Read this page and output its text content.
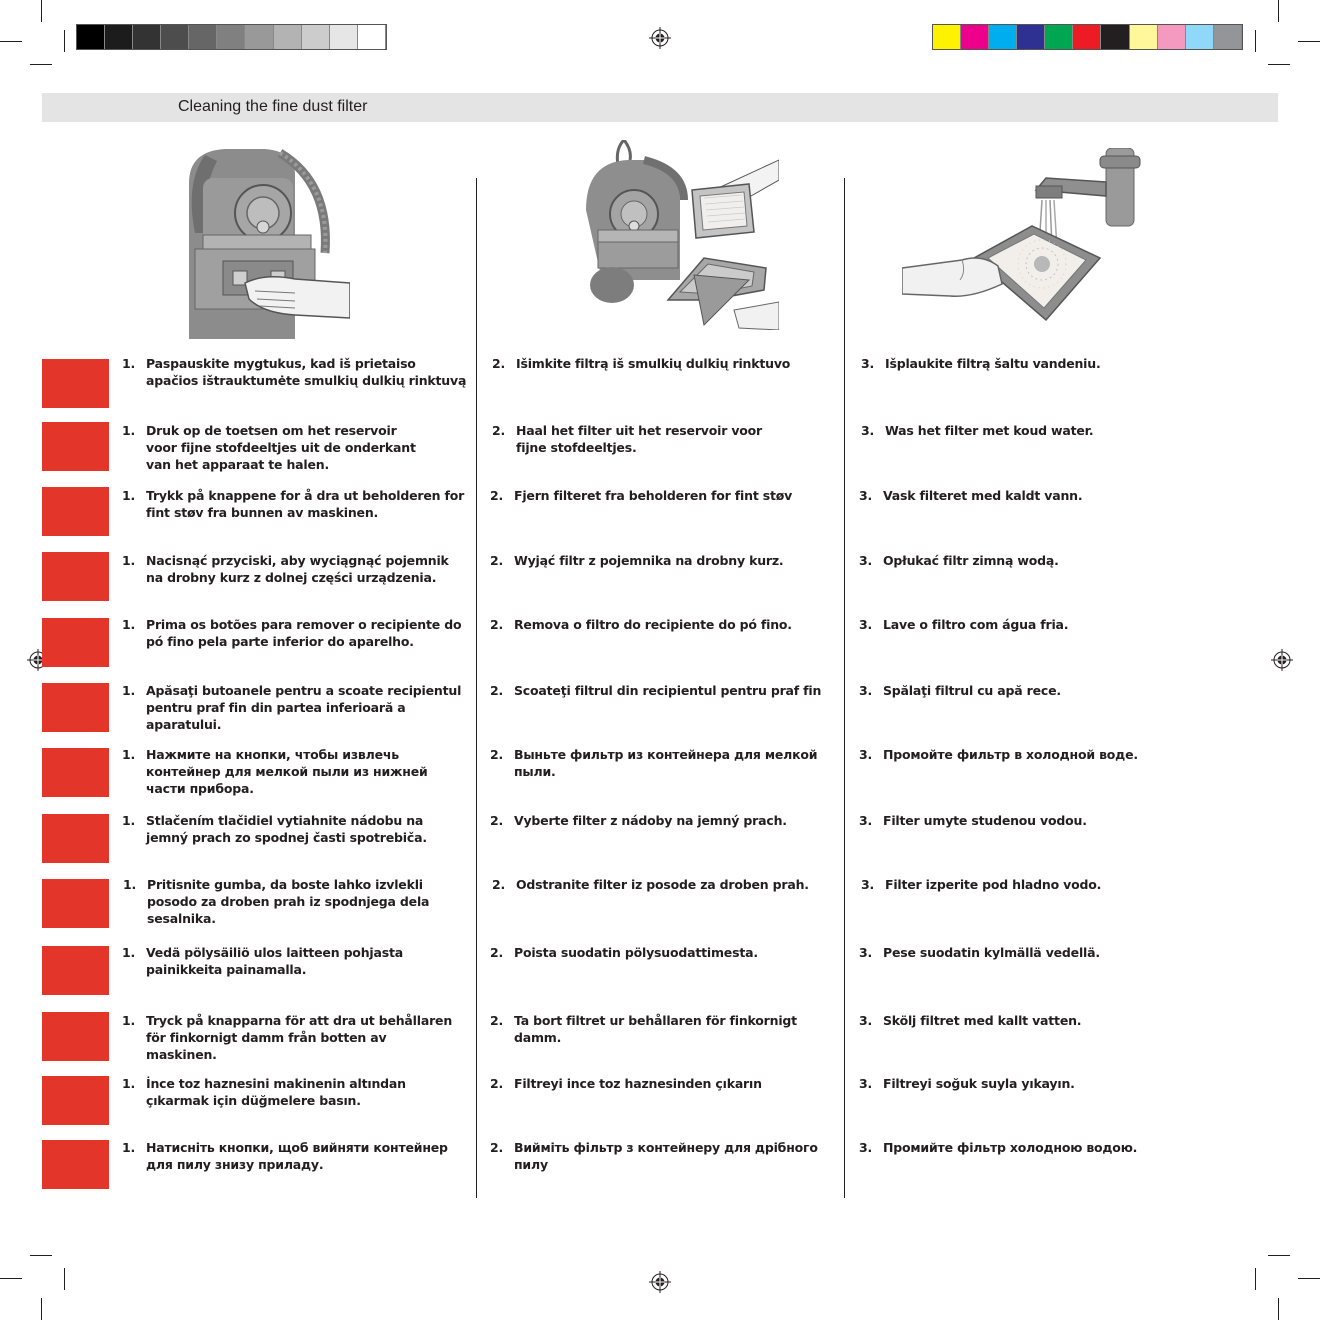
Cleaning the fine dust filter
1. Paspauskite mygtukus, kad iš prietaiso apačios ištrauktumėte smulkių dulkių rinktuvą
2. Išimkite filtrą iš smulkių dulkių rinktuvo	3. Išplaukite filtrą šaltu vandeniu.
1. Druk op de toetsen om het reservoir voor fijne stofdeeltjes uit de onderkant van het apparaat te halen.
2. Haal het filter uit het reservoir voor fijne stofdeeltjes.
3. Was het filter met koud water.
1. Trykk på knappene for å dra ut beholderen for fint støv fra bunnen av maskinen.
2. Fjern filteret fra beholderen for fint støv	3. Vask filteret med kaldt vann.
1. Nacisnąć przyciski, aby wyciągnąć pojemnik na drobny kurz z dolnej części urządzenia.
2. Wyjąć filtr z pojemnika na drobny kurz.	3. Opłukać filtr zimną wodą.
1. Prima os botões para remover o recipiente do pó fino pela parte inferior do aparelho.
2. Remova o filtro do recipiente do pó fino.	3. Lave o filtro com água fria.
1. Apăsaţi butoanele pentru a scoate recipientul pentru praf fin din partea inferioară a aparatului.
2. Scoateţi filtrul din recipientul pentru praf fin	3. Spălaţi filtrul cu apă rece.
1. Нажмите на кнопки, чтобы извлечь контейнер для мелкой пыли из нижней части прибора.
2. Выньте фильтр из контейнера для мелкой пыли.
3. Промойте фильтр в холодной воде.
1. Stlačením tlačidiel vytiahnite nádobu na jemný prach zo spodnej časti spotrebiča.
2. Vyberte filter z nádoby na jemný prach.	3. Filter umyte studenou vodou.
1. Pritisnite gumba, da boste lahko izvlekli posodo za droben prah iz spodnjega dela sesalnika.
2. Odstranite filter iz posode za droben prah.	3. Filter izperite pod hladno vodo.
1. Vedä pölysäiliö ulos laitteen pohjasta painikkeita painamalla.
2. Poista suodatin pölysuodattimesta.	3. Pese suodatin kylmällä vedellä.
1. Tryck på knapparna för att dra ut behållaren för finkornigt damm från botten av maskinen.
2. Ta bort filtret ur behållaren för finkornigt damm.
3. Skölj filtret med kallt vatten.
1. İnce toz haznesini makinenin altından çıkarmak için düğmelere basın.
2. Filtreyi ince toz haznesinden çıkarın	3. Filtreyi soğuk suyla yıkayın.
1. Натисніть кнопки, щоб вийняти контейнер для пилу знизу приладу.
2. Вийміть фільтр з контейнеру для дрібного пилу
3. Промийте фільтр холодною водою.
